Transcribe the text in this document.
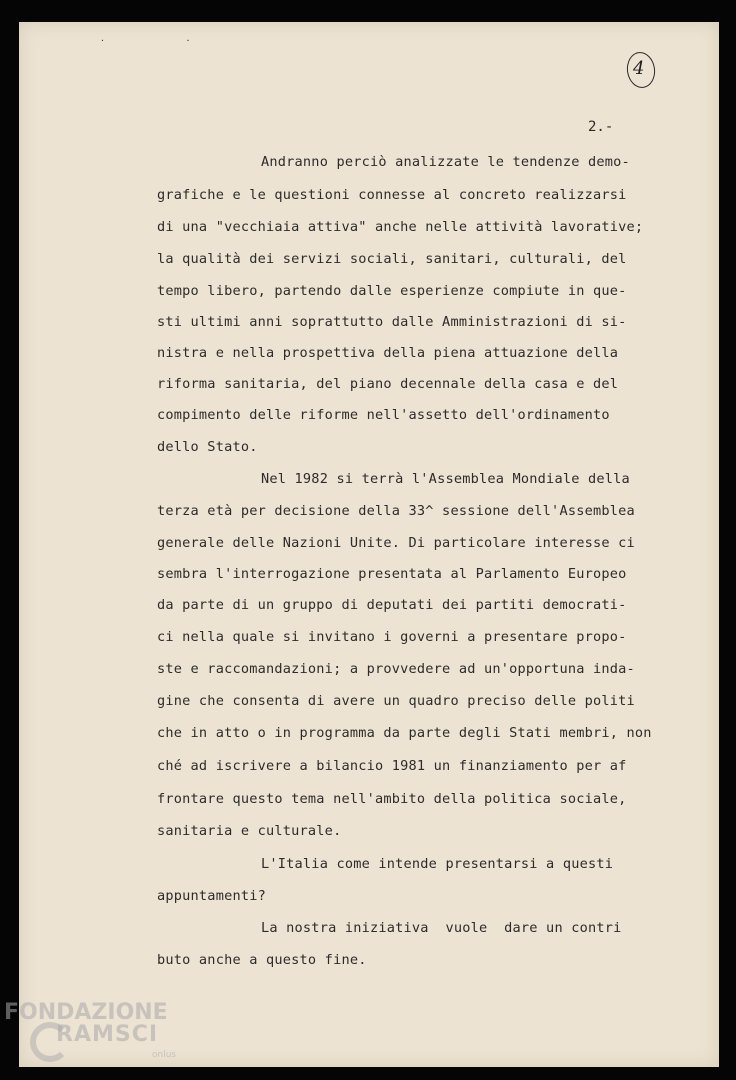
· ·
4
2.-
Andranno perciò analizzate le tendenze demo-
grafiche e le questioni connesse al concreto realizzarsi
di una "vecchiaia attiva" anche nelle attività lavorative;
la qualità dei servizi sociali, sanitari, culturali, del
tempo libero, partendo dalle esperienze compiute in que-
sti ultimi anni soprattutto dalle Amministrazioni di si-
nistra e nella prospettiva della piena attuazione della
riforma sanitaria, del piano decennale della casa e del
compimento delle riforme nell'assetto dell'ordinamento
dello Stato.
Nel 1982 si terrà l'Assemblea Mondiale della
terza età per decisione della 33^ sessione dell'Assemblea
generale delle Nazioni Unite. Di particolare interesse ci
sembra l'interrogazione presentata al Parlamento Europeo
da parte di un gruppo di deputati dei partiti democrati-
ci nella quale si invitano i governi a presentare propo-
ste e raccomandazioni; a provvedere ad un'opportuna inda-
gine che consenta di avere un quadro preciso delle politi
che in atto o in programma da parte degli Stati membri, non
ché ad iscrivere a bilancio 1981 un finanziamento per af
frontare questo tema nell'ambito della politica sociale,
sanitaria e culturale.
L'Italia come intende presentarsi a questi
appuntamenti?
La nostra iniziativa  vuole  dare un contri
buto anche a questo fine.
FONDAZIONE
RAMSCI
onlus
